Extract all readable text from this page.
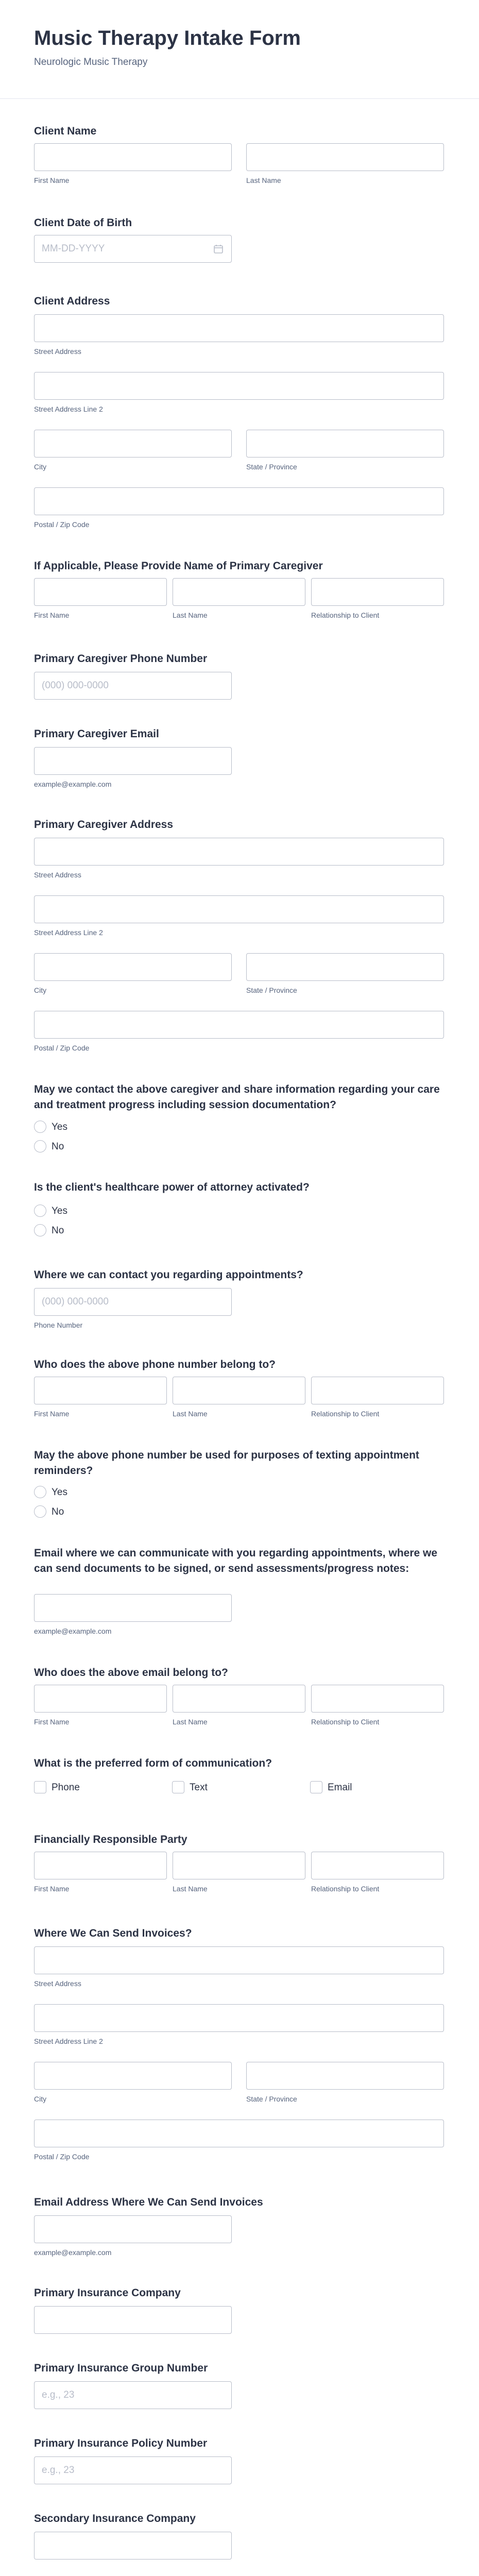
Music Therapy Intake Form
Neurologic Music Therapy
Client Name
First Name	Last Name
Client Date of Birth
MM-DD-YYYY
Client Address
Street Address
Street Address Line 2
City	State / Province
Postal / Zip Code
If Applicable, Please Provide Name of Primary Caregiver
First Name	Last Name	Relationship to Client
Primary Caregiver Phone Number
(000) 000-0000
Primary Caregiver Email
example@example.com
Primary Caregiver Address
Street Address
Street Address Line 2
City	State / Province
Postal / Zip Code
May we contact the above caregiver and share information regarding your care and treatment progress including session documentation?
Yes
No
Is the client's healthcare power of attorney activated?
Yes
No
Where we can contact you regarding appointments?
(000) 000-0000
Phone Number
Who does the above phone number belong to?
First Name	Last Name	Relationship to Client
May the above phone number be used for purposes of texting appointment reminders?
Yes
No
Email where we can communicate with you regarding appointments, where we can send documents to be signed, or send assessments/progress notes:
example@example.com
Who does the above email belong to?
First Name	Last Name	Relationship to Client
What is the preferred form of communication?
Phone	Text	Email
Financially Responsible Party
First Name	Last Name	Relationship to Client
Where We Can Send Invoices?
Street Address
Street Address Line 2
City	State / Province
Postal / Zip Code
Email Address Where We Can Send Invoices
example@example.com
Primary Insurance Company
Primary Insurance Group Number
e.g., 23
Primary Insurance Policy Number
e.g., 23
Secondary Insurance Company
